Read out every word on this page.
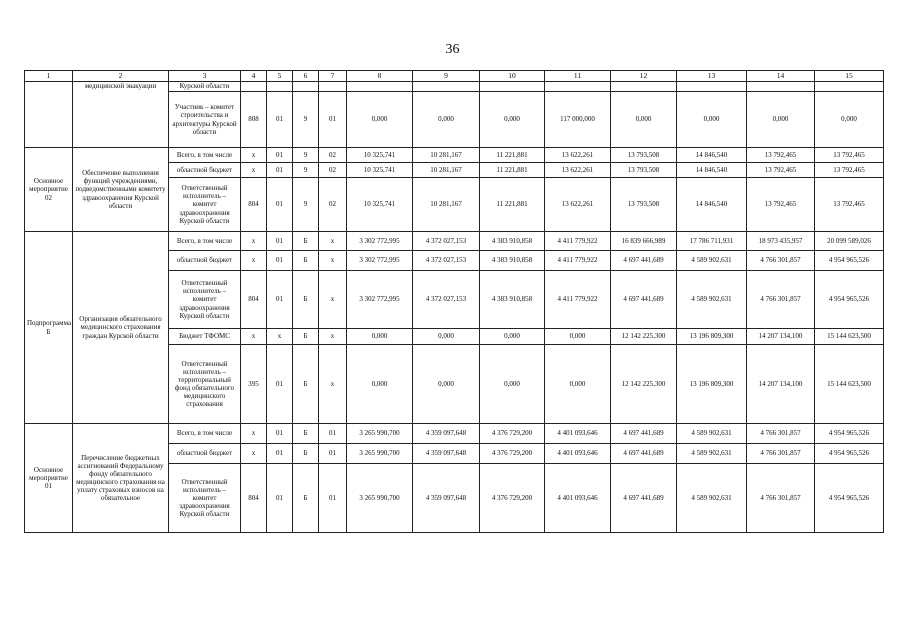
36
1	2	3	4	5	6	7	8	9	10	11	12	13	14	15
	медицинской эвакуации	Курской области												
		Участник – комитет строительства и архитектуры Курской области	808	01	9	01	0,000	0,000	0,000	117 000,000	0,000	0,000	0,000	0,000
Основное мероприятие 02	Обеспечение выполнения функций учреждениями, подведомственными комитету здравоохранения Курской области	Всего, в том числе	x	01	9	02	10 325,741	10 281,167	11 221,881	13 622,261	13 793,508	14 846,540	13 792,465	13 792,465
		областной бюджет	x	01	9	02	10 325,741	10 281,167	11 221,881	13 622,261	13 793,508	14 846,540	13 792,465	13 792,465
		Ответственный исполнитель – комитет здравоохранения Курской области	804	01	9	02	10 325,741	10 281,167	11 221,881	13 622,261	13 793,508	14 846,540	13 792,465	13 792,465
Подпрограмма Б	Организация обязательного медицинского страхования граждан Курской области	Всего, в том числе	x	01	Б	x	3 302 772,995	4 372 027,153	4 383 910,858	4 411 779,922	16 839 666,989	17 786 711,931	18 973 435,957	20 099 589,026
		областной бюджет	x	01	Б	x	3 302 772,995	4 372 027,153	4 383 910,858	4 411 779,922	4 697 441,689	4 589 902,631	4 766 301,857	4 954 965,526
		Ответственный исполнитель – комитет здравоохранения Курской области	804	01	Б	x	3 302 772,995	4 372 027,153	4 383 910,858	4 411 779,922	4 697 441,689	4 589 902,631	4 766 301,857	4 954 965,526
		Бюджет ТФОМС	x	x	Б	x	0,000	0,000	0,000	0,000	12 142 225,300	13 196 809,300	14 207 134,100	15 144 623,500
		Ответственный исполнитель – территориальный фонд обязательного медицинского страхования	395	01	Б	x	0,000	0,000	0,000	0,000	12 142 225,300	13 196 809,300	14 207 134,100	15 144 623,500
Основное мероприятие 01	Перечисление бюджетных ассигнований Федеральному фонду обязательного медицинского страхования на уплату страховых взносов на обязательное	Всего, в том числе	x	01	Б	01	3 265 990,700	4 359 097,648	4 376 729,200	4 401 093,646	4 697 441,689	4 589 902,631	4 766 301,857	4 954 965,526
		областной бюджет	x	01	Б	01	3 265 990,700	4 359 097,648	4 376 729,200	4 401 093,646	4 697 441,689	4 589 902,631	4 766 301,857	4 954 965,526
		Ответственный исполнитель – комитет здравоохранения Курской области	804	01	Б	01	3 265 990,700	4 359 097,648	4 376 729,200	4 401 093,646	4 697 441,689	4 589 902,631	4 766 301,857	4 954 965,526
